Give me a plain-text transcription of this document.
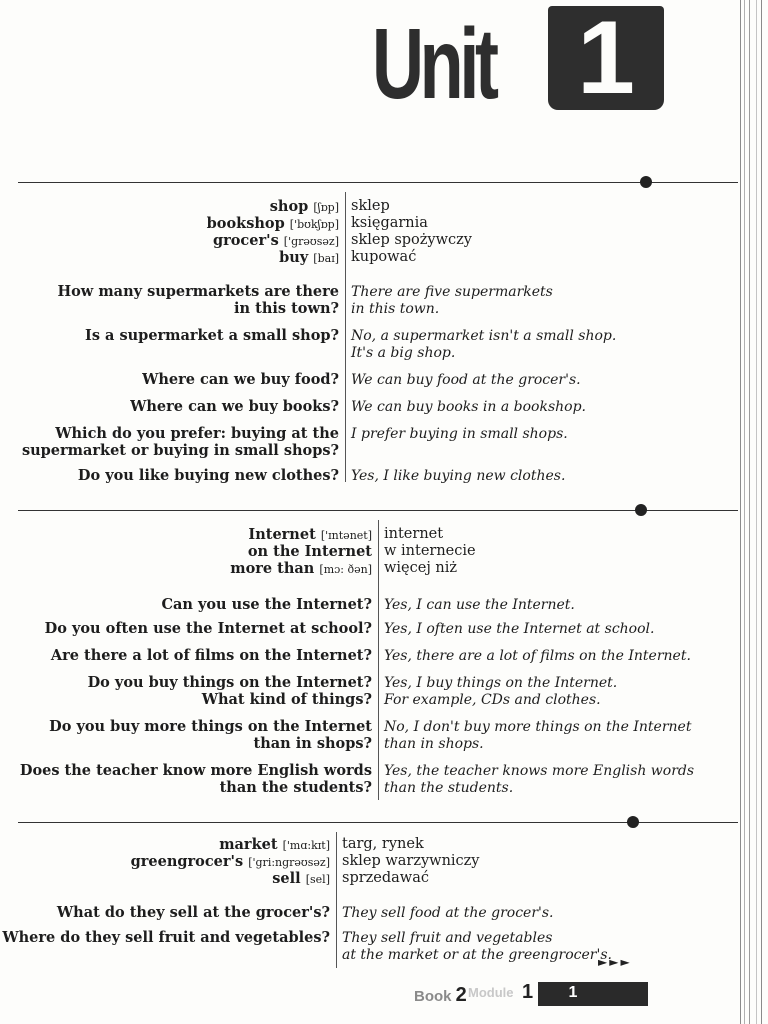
Unit 1
shop [ʃɒp] sklep
bookshop ['bʊkʃɒp] księgarnia
grocer's ['grəʊsəz] sklep spożywczy
buy [baɪ] kupować
How many supermarkets are there
in this town?
There are five supermarkets
in this town.
Is a supermarket a small shop? No, a supermarket isn't a small shop.
It's a big shop.
Where can we buy food? We can buy food at the grocer's.
Where can we buy books? We can buy books in a bookshop.
Which do you prefer: buying at the
supermarket or buying in small shops?
I prefer buying in small shops.
Do you like buying new clothes? Yes, I like buying new clothes.
Internet ['ɪntənet] internet
on the Internet w internecie
more than [mɔ: ðən] więcej niż
Can you use the Internet? Yes, I can use the Internet.
Do you often use the Internet at school? Yes, I often use the Internet at school.
Are there a lot of films on the Internet? Yes, there are a lot of films on the Internet.
Do you buy things on the Internet?
What kind of things?
Yes, I buy things on the Internet.
For example, CDs and clothes.
Do you buy more things on the Internet
than in shops?
No, I don't buy more things on the Internet
than in shops.
Does the teacher know more English words
than the students?
Yes, the teacher knows more English words
than the students.
market ['mɑ:kɪt] targ, rynek
greengrocer's ['gri:ngrəʊsəz] sklep warzywniczy
sell [sel] sprzedawać
What do they sell at the grocer's? They sell food at the grocer's.
Where do they sell fruit and vegetables? They sell fruit and vegetables
at the market or at the greengrocer's.
►►►
Book 2 Module 1	1
